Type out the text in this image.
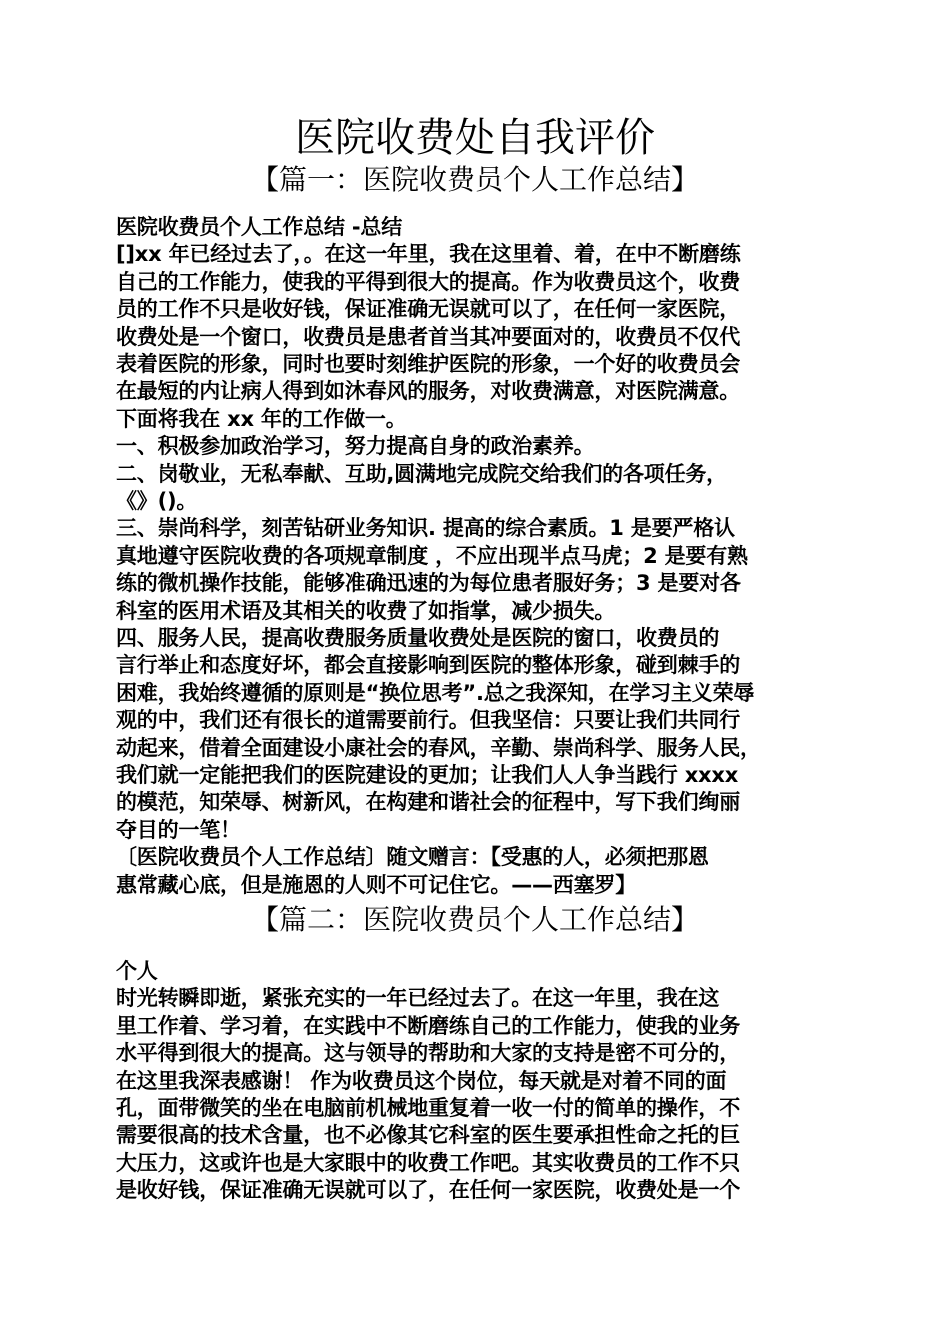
医院收费处自我评价
【篇一：医院收费员个人工作总结】
医院收费员个人工作总结 -总结
[]xx 年已经过去了，。在这一年里，我在这里着、着，在中不断磨练
自己的工作能力，使我的平得到很大的提高。作为收费员这个，收费
员的工作不只是收好钱，保证准确无误就可以了，在任何一家医院，
收费处是一个窗口，收费员是患者首当其冲要面对的，收费员不仅代
表着医院的形象，同时也要时刻维护医院的形象，一个好的收费员会
在最短的内让病人得到如沐春风的服务，对收费满意，对医院满意。
下面将我在 xx 年的工作做一。
一、积极参加政治学习，努力提高自身的政治素养。
二、岗敬业，无私奉献、互助,圆满地完成院交给我们的各项任务，
《》()。
三、崇尚科学，刻苦钻研业务知识. 提高的综合素质。1 是要严格认
真地遵守医院收费的各项规章制度 ，不应出现半点马虎；2 是要有熟
练的微机操作技能，能够准确迅速的为每位患者服好务；3 是要对各
科室的医用术语及其相关的收费了如指掌，减少损失。
四、服务人民，提高收费服务质量收费处是医院的窗口，收费员的
言行举止和态度好坏，都会直接影响到医院的整体形象，碰到棘手的
困难，我始终遵循的原则是“换位思考”.总之我深知，在学习主义荣辱
观的中，我们还有很长的道需要前行。但我坚信：只要让我们共同行
动起来，借着全面建设小康社会的春风，辛勤、崇尚科学、服务人民，
我们就一定能把我们的医院建设的更加；让我们人人争当践行 xxxx
的模范，知荣辱、树新风，在构建和谐社会的征程中，写下我们绚丽
夺目的一笔！
〔医院收费员个人工作总结〕随文赠言：【受惠的人，必须把那恩
惠常藏心底，但是施恩的人则不可记住它。——西塞罗】
【篇二：医院收费员个人工作总结】
个人
时光转瞬即逝，紧张充实的一年已经过去了。在这一年里，我在这
里工作着、学习着，在实践中不断磨练自己的工作能力，使我的业务
水平得到很大的提高。这与领导的帮助和大家的支持是密不可分的，
在这里我深表感谢！ 作为收费员这个岗位，每天就是对着不同的面
孔，面带微笑的坐在电脑前机械地重复着一收一付的简单的操作，不
需要很高的技术含量，也不必像其它科室的医生要承担性命之托的巨
大压力，这或许也是大家眼中的收费工作吧。其实收费员的工作不只
是收好钱，保证准确无误就可以了，在任何一家医院，收费处是一个
